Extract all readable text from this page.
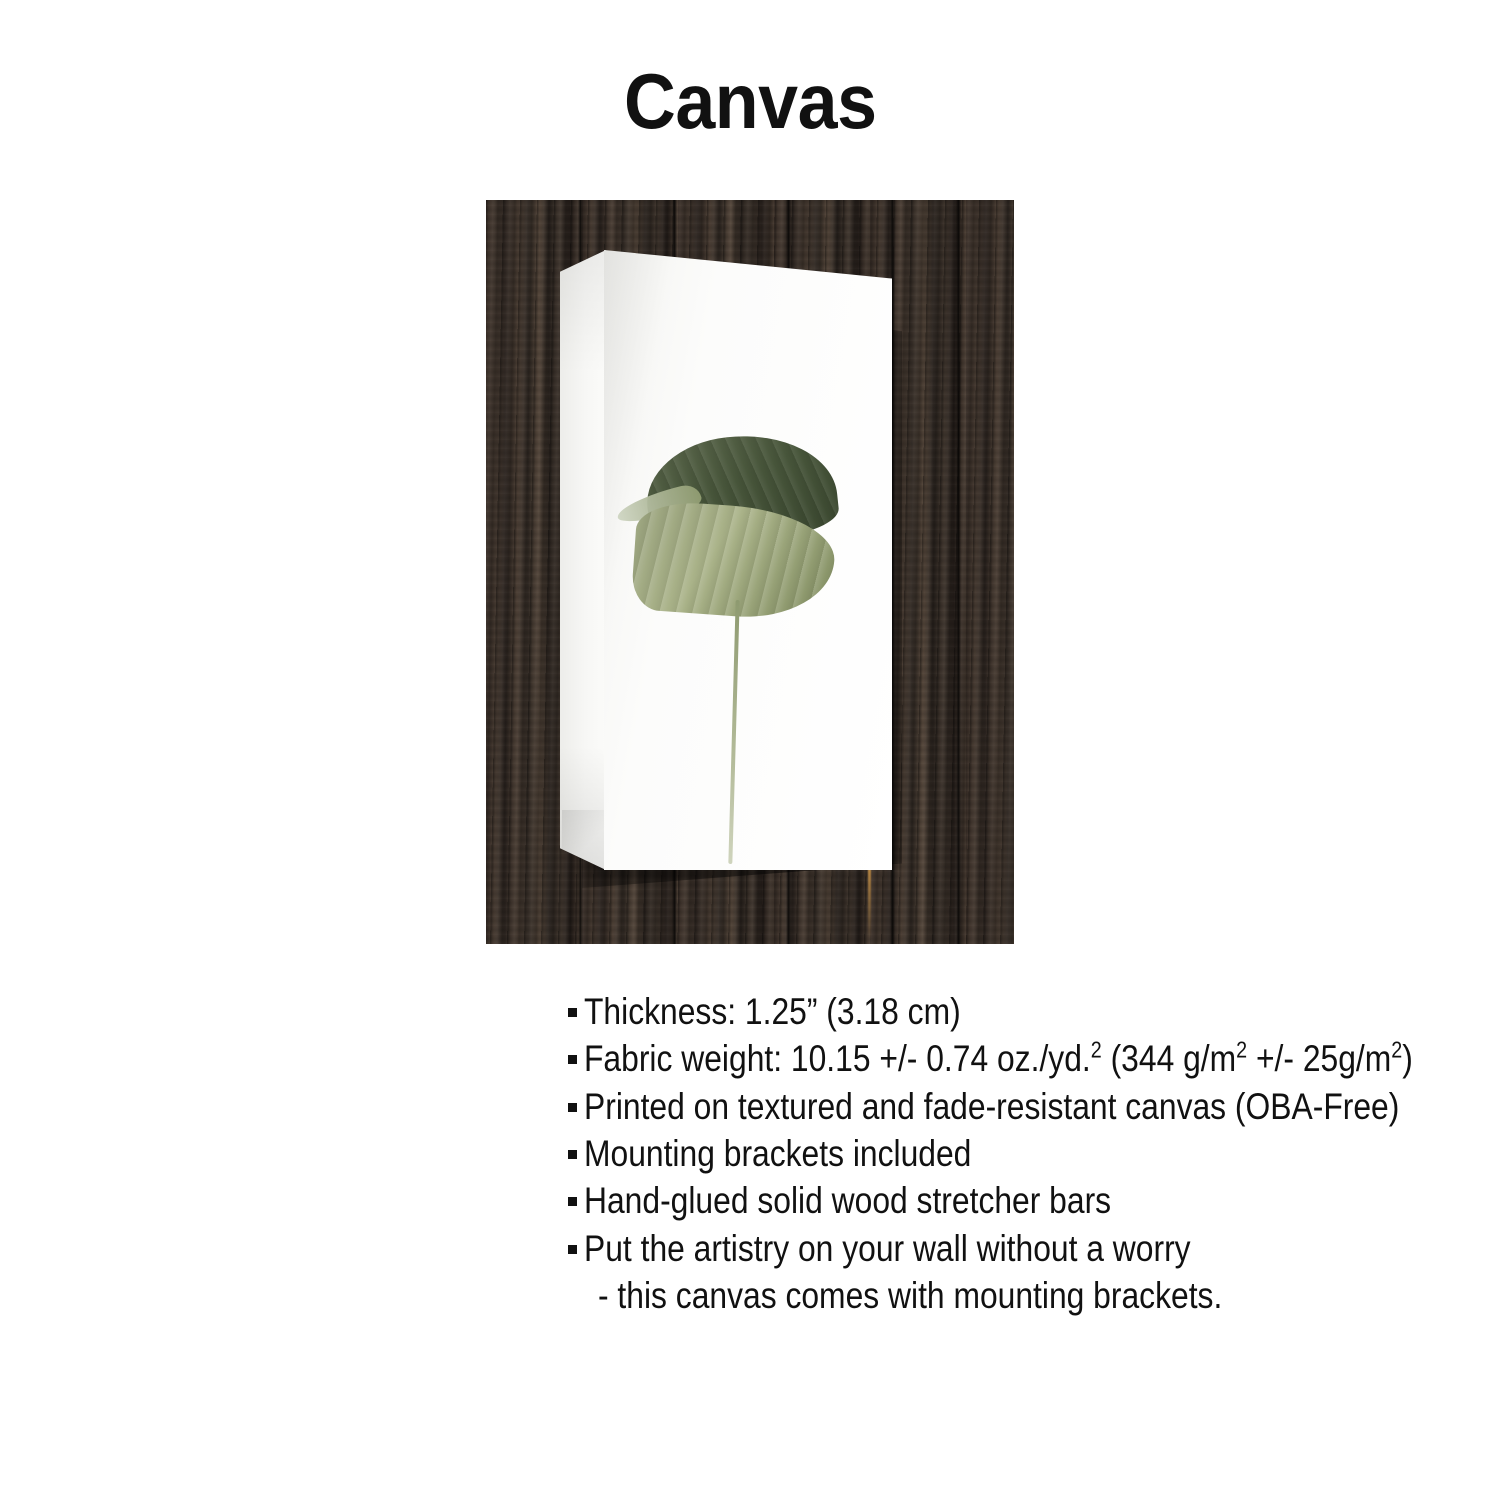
Canvas
Thickness: 1.25” (3.18 cm)
Fabric weight: 10.15 +/- 0.74 oz./yd.$^2$ (344 $g/m^2$ +/- $25g/m^2$)
Printed on textured and fade-resistant canvas (OBA-Free)
Mounting brackets included
Hand-glued solid wood stretcher bars
Put the artistry on your wall without a worry
- this canvas comes with mounting brackets.
